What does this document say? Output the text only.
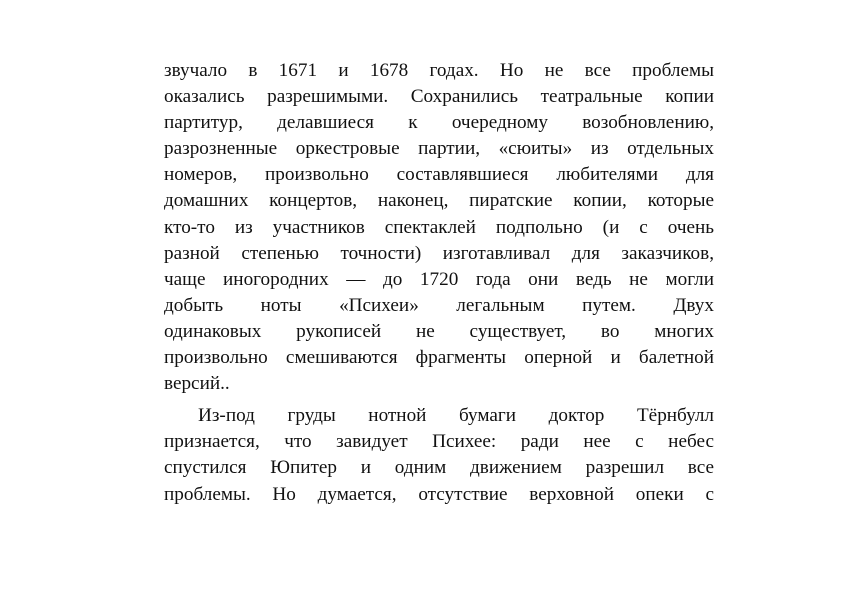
звучало в 1671 и 1678 годах. Но не все проблемы
оказались разрешимыми. Сохранились театральные копии
партитур, делавшиеся к очередному возобновлению,
разрозненные оркестровые партии, «сюиты» из отдельных
номеров, произвольно составлявшиеся любителями для
домашних концертов, наконец, пиратские копии, которые
кто-то из участников спектаклей подпольно (и с очень
разной степенью точности) изготавливал для заказчиков,
чаще иногородних — до 1720 года они ведь не могли
добыть ноты «Психеи» легальным путем. Двух
одинаковых рукописей не существует, во многих
произвольно смешиваются фрагменты оперной и балетной
версий..
Из-под груды нотной бумаги доктор Тёрнбулл
признается, что завидует Психее: ради нее с небес
спустился Юпитер и одним движением разрешил все
проблемы. Но думается, отсутствие верховной опеки с
